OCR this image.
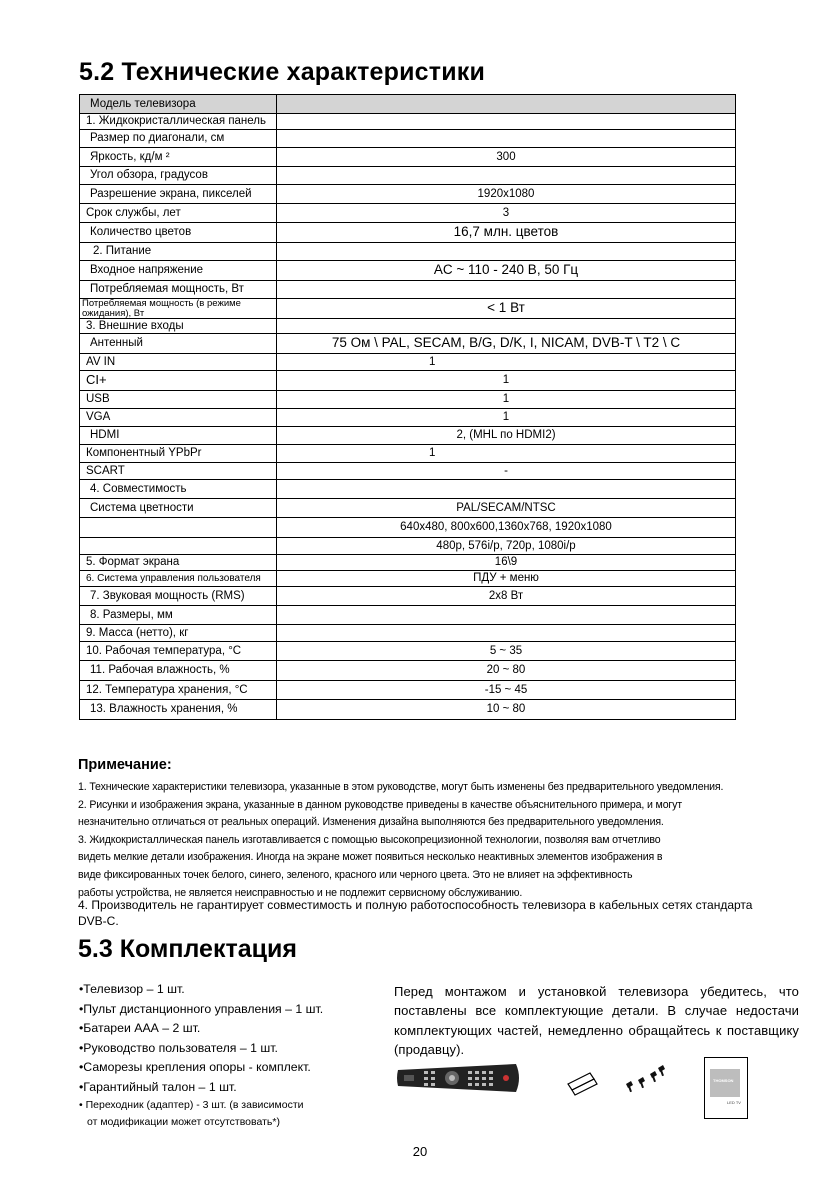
5.2 Технические характеристики
Модель телевизора	
1. Жидкокристаллическая панель	
Размер по диагонали, см	
Яркость, кд/м ²	300
Угол обзора, градусов	
Разрешение экрана, пикселей	1920x1080
Срок службы, лет	3
Количество цветов	16,7 млн. цветов
2. Питание	
Входное напряжение	AC ~ 110 - 240 В, 50 Гц
Потребляемая мощность, Вт	
Потребляемая мощность (в режиме ожидания), Вт	< 1 Вт
3. Внешние входы	
Антенный	75 Ом \ PAL, SECAM, B/G, D/K, I, NICAM, DVB-T \ T2 \ C
AV IN	1
CI+	1
USB	1
VGA	1
HDMI	2, (MHL по HDMI2)
Компонентный YPbPr	1
SCART	-
4. Совместимость	
Система цветности	PAL/SECAM/NTSC
	640x480, 800x600,1360x768, 1920x1080
	480p, 576i/p, 720p, 1080i/p
5. Формат экрана	16\9
6. Система управления пользователя	ПДУ + меню
7. Звуковая мощность (RMS)	2x8 Вт
8. Размеры, мм	
9. Масса (нетто), кг	
10. Рабочая температура, °C	5 ~ 35
11. Рабочая влажность, %	20 ~ 80
12. Температура хранения, °C	-15 ~ 45
13. Влажность хранения, %	10 ~ 80
Примечание:

1. Технические характеристики телевизора, указанные в этом руководстве, могут быть изменены без предварительного уведомления.

2. Рисунки и изображения экрана, указанные в данном руководстве приведены в качестве объяснительного примера, и могут

незначительно отличаться от реальных операций. Изменения дизайна выполняются без предварительного уведомления.

3. Жидкокристаллическая панель изготавливается с помощью высокопрецизионной технологии, позволяя вам отчетливо

видеть мелкие детали изображения. Иногда на экране может появиться несколько неактивных элементов изображения в

виде фиксированных точек белого, синего, зеленого, красного или черного цвета. Это не влияет на эффективность

работы устройства, не является неисправностью и не подлежит сервисному обслуживанию.

4. Производитель не гарантирует совместимость и полную работоспособность телевизора в кабельных сетях стандарта DVB-C.
5.3 Комплектация
•Телевизор – 1 шт.
•Пульт дистанционного управления – 1 шт.
•Батареи ААА – 2 шт.
•Руководство пользователя – 1 шт.
•Саморезы крепления опоры - комплект.
•Гарантийный талон – 1 шт.
• Переходник (адаптер) - 3 шт. (в зависимости
от модификации может отсутствовать*)
Перед монтажом и установкой телевизора убедитесь, что поставлены все комплектующие детали. В случае недостачи комплектующих частей, немедленно обращайтесь к поставщику (продавцу).
THOMSON
LED TV
20
